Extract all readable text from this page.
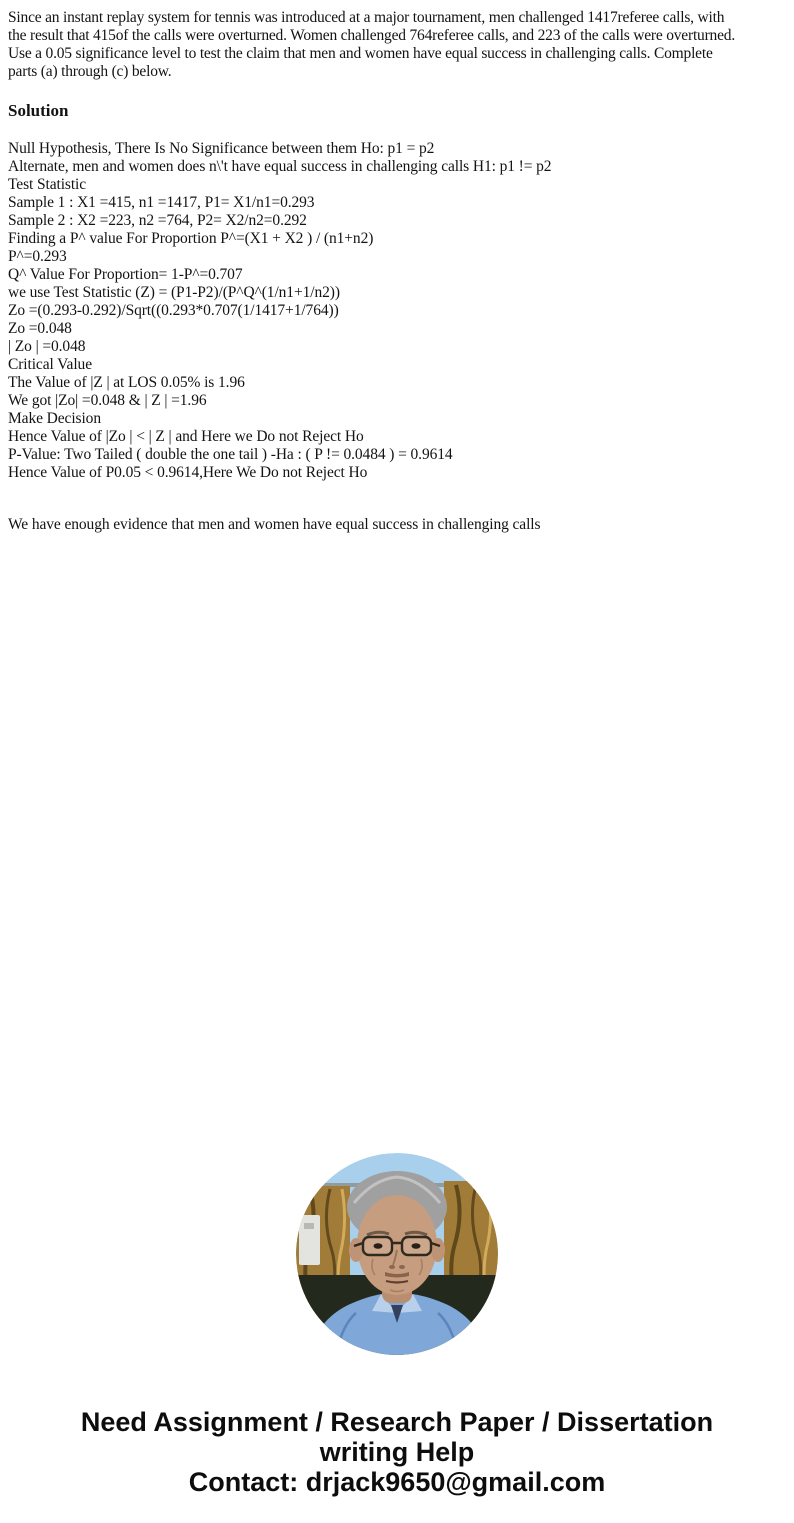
Since an instant replay system for tennis was introduced at a major tournament, men challenged 1417referee calls, with
the result that 415of the calls were overturned. Women challenged 764referee calls, and 223 of the calls were overturned.
Use a 0.05 significance level to test the claim that men and women have equal success in challenging calls. Complete
parts (a) through (c) below.
Solution
Null Hypothesis, There Is No Significance between them Ho: p1 = p2
Alternate, men and women does n\'t have equal success in challenging calls H1: p1 != p2
Test Statistic
Sample 1 : X1 =415, n1 =1417, P1= X1/n1=0.293
Sample 2 : X2 =223, n2 =764, P2= X2/n2=0.292
Finding a P^ value For Proportion P^=(X1 + X2 ) / (n1+n2)
P^=0.293
Q^ Value For Proportion= 1-P^=0.707
we use Test Statistic (Z) = (P1-P2)/(P^Q^(1/n1+1/n2))
Zo =(0.293-0.292)/Sqrt((0.293*0.707(1/1417+1/764))
Zo =0.048
| Zo | =0.048
Critical Value
The Value of |Z | at LOS 0.05% is 1.96
We got |Zo| =0.048 & | Z | =1.96
Make Decision
Hence Value of |Zo | < | Z | and Here we Do not Reject Ho
P-Value: Two Tailed ( double the one tail ) -Ha : ( P != 0.0484 ) = 0.9614
Hence Value of P0.05 < 0.9614,Here We Do not Reject Ho
We have enough evidence that men and women have equal success in challenging calls
Need Assignment / Research Paper / Dissertation
writing Help
Contact: drjack9650@gmail.com
